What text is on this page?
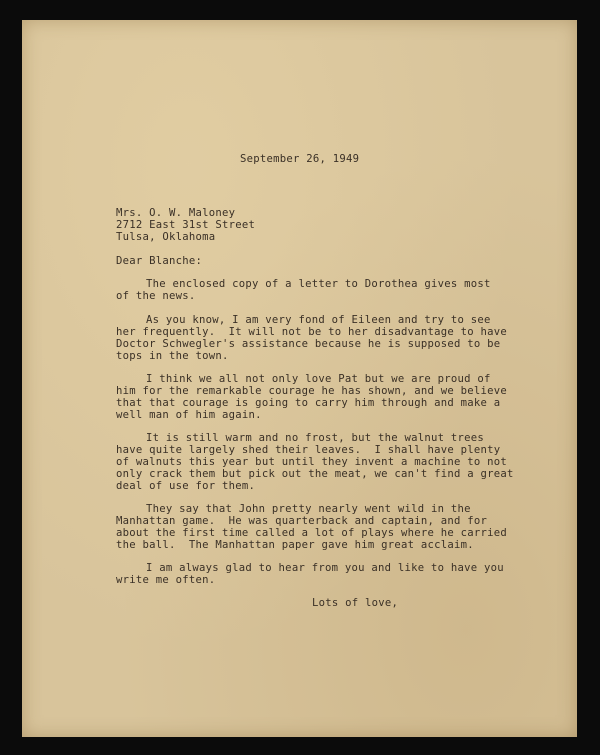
September 26, 1949
Mrs. O. W. Maloney
2712 East 31st Street
Tulsa, Oklahoma
Dear Blanche:
The enclosed copy of a letter to Dorothea gives most
of the news.
As you know, I am very fond of Eileen and try to see
her frequently.  It will not be to her disadvantage to have
Doctor Schwegler's assistance because he is supposed to be
tops in the town.
I think we all not only love Pat but we are proud of
him for the remarkable courage he has shown, and we believe
that that courage is going to carry him through and make a
well man of him again.
It is still warm and no frost, but the walnut trees
have quite largely shed their leaves.  I shall have plenty
of walnuts this year but until they invent a machine to not
only crack them but pick out the meat, we can't find a great
deal of use for them.
They say that John pretty nearly went wild in the
Manhattan game.  He was quarterback and captain, and for
about the first time called a lot of plays where he carried
the ball.  The Manhattan paper gave him great acclaim.
I am always glad to hear from you and like to have you
write me often.
Lots of love,
